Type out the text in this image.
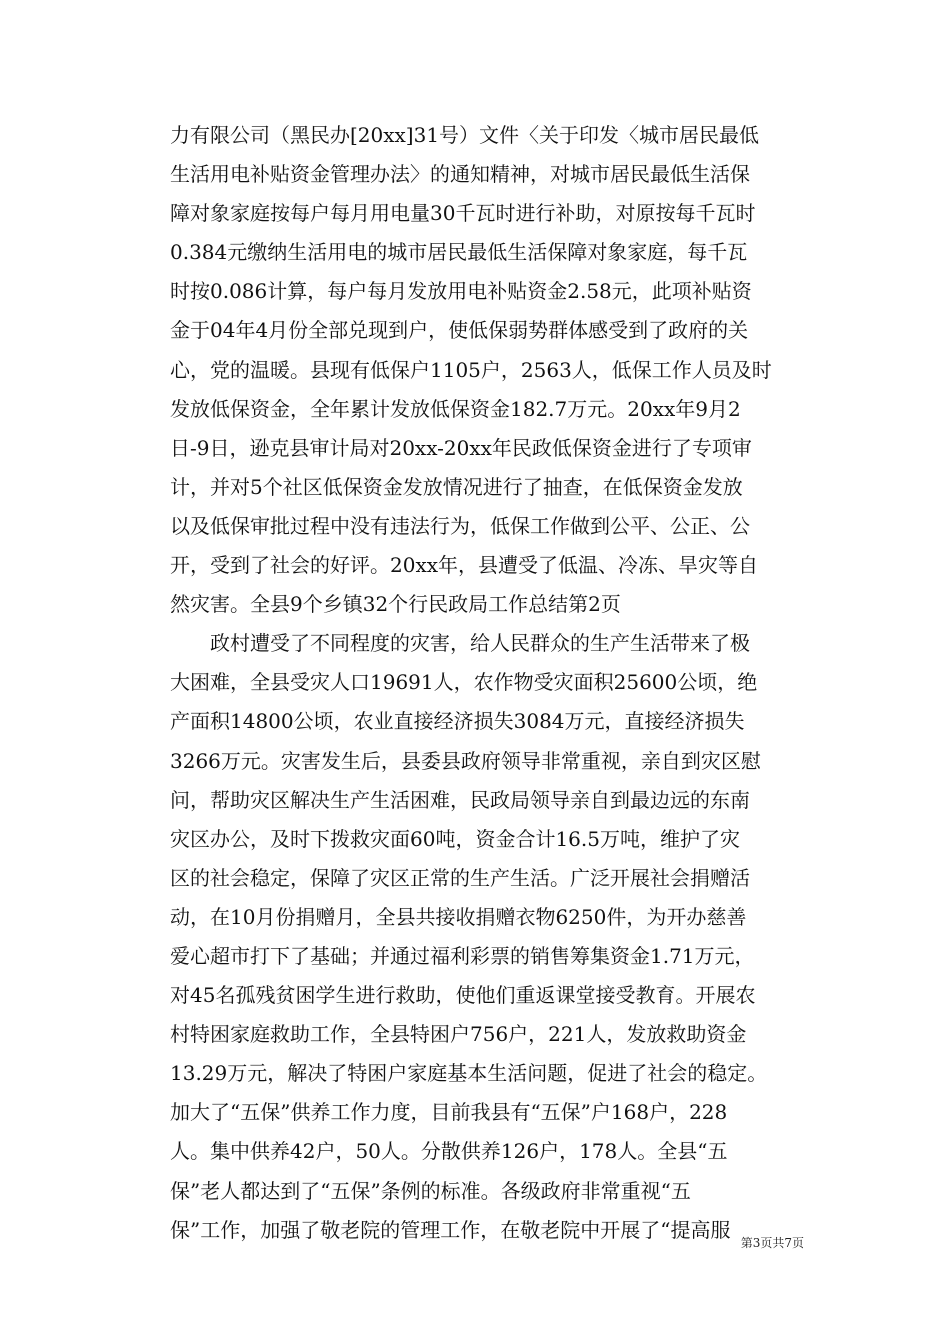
力有限公司（黑民办[20xx]31号）文件〈关于印发〈城市居民最低
生活用电补贴资金管理办法〉的通知精神，对城市居民最低生活保
障对象家庭按每户每月用电量30千瓦时进行补助，对原按每千瓦时
0.384元缴纳生活用电的城市居民最低生活保障对象家庭，每千瓦
时按0.086计算，每户每月发放用电补贴资金2.58元，此项补贴资
金于04年4月份全部兑现到户，使低保弱势群体感受到了政府的关
心，党的温暖。县现有低保户1105户，2563人，低保工作人员及时
发放低保资金，全年累计发放低保资金182.7万元。20xx年9月2
日-9日，逊克县审计局对20xx-20xx年民政低保资金进行了专项审
计，并对5个社区低保资金发放情况进行了抽查，在低保资金发放
以及低保审批过程中没有违法行为，低保工作做到公平、公正、公
开，受到了社会的好评。20xx年，县遭受了低温、冷冻、旱灾等自
然灾害。全县9个乡镇32个行民政局工作总结第2页
　　政村遭受了不同程度的灾害，给人民群众的生产生活带来了极
大困难，全县受灾人口19691人，农作物受灾面积25600公顷，绝
产面积14800公顷，农业直接经济损失3084万元，直接经济损失
3266万元。灾害发生后，县委县政府领导非常重视，亲自到灾区慰
问，帮助灾区解决生产生活困难，民政局领导亲自到最边远的东南
灾区办公，及时下拨救灾面60吨，资金合计16.5万吨，维护了灾
区的社会稳定，保障了灾区正常的生产生活。广泛开展社会捐赠活
动，在10月份捐赠月，全县共接收捐赠衣物6250件，为开办慈善
爱心超市打下了基础；并通过福利彩票的销售筹集资金1.71万元，
对45名孤残贫困学生进行救助，使他们重返课堂接受教育。开展农
村特困家庭救助工作，全县特困户756户，221人，发放救助资金
13.29万元，解决了特困户家庭基本生活问题，促进了社会的稳定。
加大了“五保”供养工作力度，目前我县有“五保”户168户，228
人。集中供养42户，50人。分散供养126户，178人。全县“五
保”老人都达到了“五保”条例的标准。各级政府非常重视“五
保”工作，加强了敬老院的管理工作，在敬老院中开展了“提高服
第3页共7页
